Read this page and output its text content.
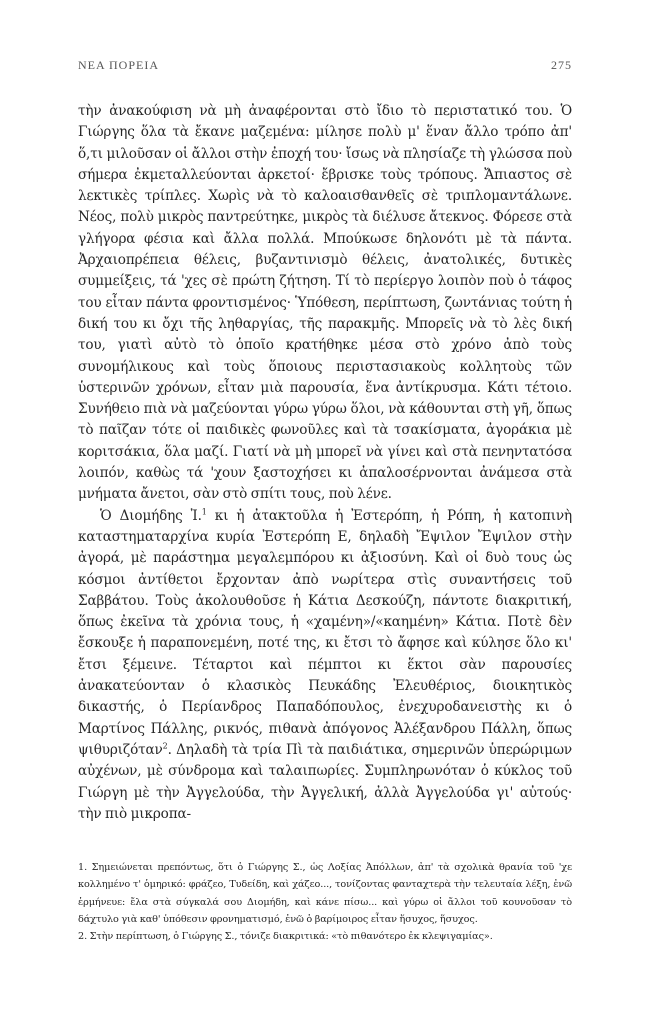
ΝΕΑ ΠΟΡΕΙΑ	275

τὴν ἀνακούφιση νὰ μὴ ἀναφέρονται στὸ ἴδιο τὸ περιστατικό του. Ὁ Γιώργης ὅλα τὰ ἔκανε μαζεμένα: μίλησε πολὺ μ' ἕναν ἄλλο τρόπο ἀπ' ὅ,τι μιλοῦσαν οἱ ἄλλοι στὴν ἐποχή του· ἴσως νὰ πλησίαζε τὴ γλώσσα ποὺ σήμερα ἐκμεταλλεύονται ἀρκετοί· ἔβρισκε τοὺς τρόπους. Ἄπιαστος σὲ λεκτικὲς τρίπλες. Χωρὶς νὰ τὸ καλοαισθανθεῖς σὲ τριπλομαντάλωνε. Νέος, πολὺ μικρὸς παντρεύτηκε, μικρὸς τὰ διέλυσε ἄτεκνος. Φόρεσε στὰ γλήγορα φέσια καὶ ἄλλα πολλά. Μπούκωσε δηλονότι μὲ τὰ πάντα. Ἀρχαιοπρέπεια θέλεις, βυζαντινισμὸ θέλεις, ἀνατολικές, δυτικὲς συμμείξεις, τά 'χες σὲ πρώτη ζήτηση. Τί τὸ περίεργο λοιπὸν ποὺ ὁ τάφος του εἶταν πάντα φροντισμένος· Ὑπόθεση, περίπτωση, ζωντάνιας τούτη ἡ δική του κι ὄχι τῆς ληθαργίας, τῆς παρακμῆς. Μπορεῖς νὰ τὸ λὲς δική του, γιατὶ αὐτὸ τὸ ὁποῖο κρατήθηκε μέσα στὸ χρόνο ἀπὸ τοὺς συνομήλικους καὶ τοὺς ὅποιους περιστασιακοὺς κολλητοὺς τῶν ὑστερινῶν χρόνων, εἶταν μιὰ παρουσία, ἕνα ἀντίκρυσμα. Κάτι τέτοιο. Συνήθειο πιὰ νὰ μαζεύονται γύρω γύρω ὅλοι, νὰ κάθουνται στὴ γῆ, ὅπως τὸ παῖζαν τότε οἱ παιδικὲς φωνοῦλες καὶ τὰ τσακίσματα, ἀγοράκια μὲ κοριτσάκια, ὅλα μαζί. Γιατί νὰ μὴ μπορεῖ νὰ γίνει καὶ στὰ πενηντατόσα λοιπόν, καθὼς τά 'χουν ξαστοχήσει κι ἀπαλοσέρνονται ἀνάμεσα στὰ μνήματα ἄνετοι, σὰν στὸ σπίτι τους, ποὺ λένε.

Ὁ Διομήδης Ἰ.$^1$ κι ἡ ἀτακτοῦλα ἡ Ἐστερόπη, ἡ Ρόπη, ἡ κατοπινὴ καταστηματαρχίνα κυρία Ἐστερόπη Ε, δηλαδὴ Ἔψιλον Ἔψιλον στὴν ἀγορά, μὲ παράστημα μεγαλεμπόρου κι ἀξιοσύνη. Καὶ οἱ δυὸ τους ὡς κόσμοι ἀντίθετοι ἔρχονταν ἀπὸ νωρίτερα στὶς συναντήσεις τοῦ Σαββάτου. Τοὺς ἀκολουθοῦσε ἡ Κάτια Δεσκούζη, πάντοτε διακριτική, ὅπως ἐκεῖνα τὰ χρόνια τους, ἡ «χαμένη»/«καημένη» Κάτια. Ποτὲ δὲν ἔσκουξε ἡ παραπονεμένη, ποτέ της, κι ἔτσι τὸ ἄφησε καὶ κύλησε ὅλο κι' ἔτσι ξέμεινε. Τέταρτοι καὶ πέμπτοι κι ἕκτοι σὰν παρουσίες ἀνακατεύονταν ὁ κλασικὸς Πευκάδης Ἐλευθέριος, διοικητικὸς δικαστής, ὁ Περίανδρος Παπαδόπουλος, ἐνεχυροδανειστὴς κι ὁ Μαρτίνος Πάλλης, ρικνός, πιθανὰ ἀπόγονος Ἀλέξανδρου Πάλλη, ὅπως ψιθυριζόταν$^2$. Δηλαδὴ τὰ τρία Πὶ τὰ παιδιάτικα, σημερινῶν ὑπερώριμων αὐχένων, μὲ σύνδρομα καὶ ταλαιπωρίες. Συμπληρωνόταν ὁ κύκλος τοῦ Γιώργη μὲ τὴν Ἀγγελούδα, τὴν Ἀγγελική, ἀλλὰ Ἀγγελούδα γι' αὐτούς· τὴν πιὸ μικροπα-

1. Σημειώνεται πρεπόντως, ὅτι ὁ Γιώργης Σ., ὡς Λοξίας Ἀπόλλων, ἀπ' τὰ σχολικὰ θρανία τοῦ 'χε κολλημένο τ' ὁμηρικό: φράζεο, Τυδείδη, καὶ χάζεο..., τονίζοντας φανταχτερὰ τὴν τελευταία λέξη, ἐνῶ ἑρμήνευε: ἔλα στὰ σύγκαλά σου Διομήδη, καὶ κάνε πίσω... καὶ γύρω οἱ ἄλλοι τοῦ κουνοῦσαν τὸ δάχτυλο γιὰ καθ' ὑπόθεσιν φρονηματισμό, ἐνῶ ὁ βαρίμοιρος εἶταν ἥσυχος, ἥσυχος.

2. Στὴν περίπτωση, ὁ Γιώργης Σ., τόνιζε διακριτικά: «τὸ πιθανότερο ἐκ κλεψιγαμίας».
